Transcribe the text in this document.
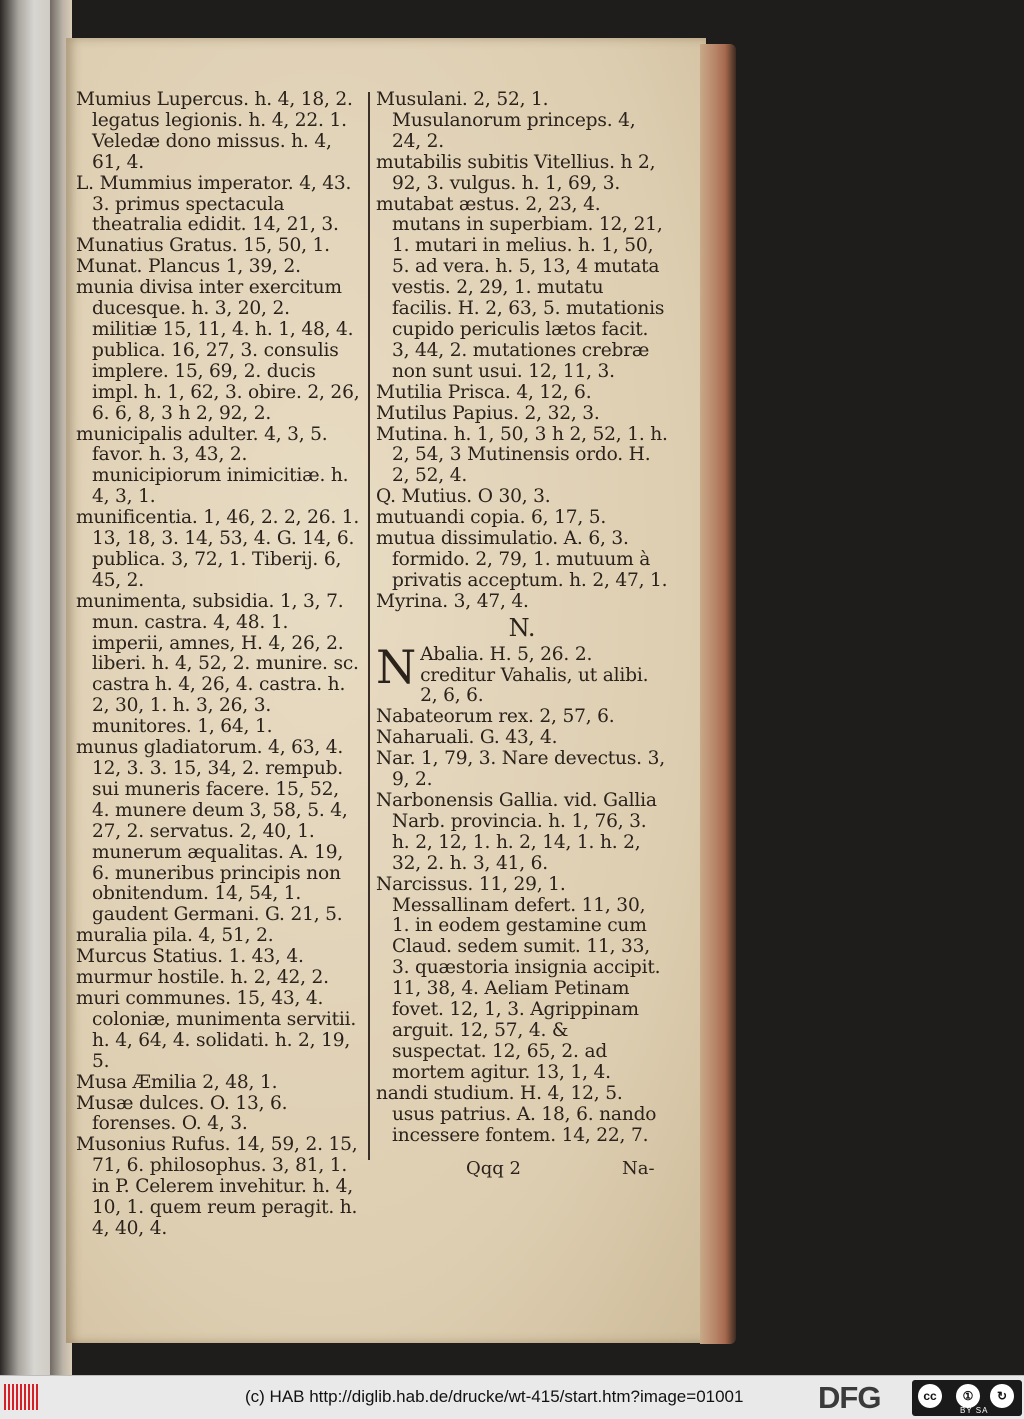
Mumius Lupercus. h. 4, 18, 2. legatus legionis. h. 4, 22. 1. Veledæ dono missus. h. 4, 61, 4.
L. Mummius imperator. 4, 43. 3. primus spectacula theatralia edidit. 14, 21, 3.
Munatius Gratus. 15, 50, 1.
Munat. Plancus 1, 39, 2.
munia divisa inter exercitum ducesque. h. 3, 20, 2. militiæ 15, 11, 4. h. 1, 48, 4. publica. 16, 27, 3. consulis implere. 15, 69, 2. ducis impl. h. 1, 62, 3. obire. 2, 26, 6. 6, 8, 3 h 2, 92, 2.
municipalis adulter. 4, 3, 5. favor. h. 3, 43, 2. municipiorum inimicitiæ. h. 4, 3, 1.
munificentia. 1, 46, 2. 2, 26. 1. 13, 18, 3. 14, 53, 4. G. 14, 6. publica. 3, 72, 1. Tiberij. 6, 45, 2.
munimenta, subsidia. 1, 3, 7. mun. castra. 4, 48. 1. imperii, amnes, H. 4, 26, 2. liberi. h. 4, 52, 2. munire. sc. castra h. 4, 26, 4. castra. h. 2, 30, 1. h. 3, 26, 3. munitores. 1, 64, 1.
munus gladiatorum. 4, 63, 4. 12, 3. 3. 15, 34, 2. rempub. sui muneris facere. 15, 52, 4. munere deum 3, 58, 5. 4, 27, 2. servatus. 2, 40, 1. munerum æqualitas. A. 19, 6. muneribus principis non obnitendum. 14, 54, 1. gaudent Germani. G. 21, 5.
muralia pila. 4, 51, 2.
Murcus Statius. 1. 43, 4.
murmur hostile. h. 2, 42, 2.
muri communes. 15, 43, 4. coloniæ, munimenta servitii. h. 4, 64, 4. solidati. h. 2, 19, 5.
Musa Æmilia 2, 48, 1.
Musæ dulces. O. 13, 6. forenses. O. 4, 3.
Musonius Rufus. 14, 59, 2. 15, 71, 6. philosophus. 3, 81, 1. in P. Celerem invehitur. h. 4, 10, 1. quem reum peragit. h. 4, 40, 4.
Musulani. 2, 52, 1. Musulanorum princeps. 4, 24, 2.
mutabilis subitis Vitellius. h 2, 92, 3. vulgus. h. 1, 69, 3.
mutabat æstus. 2, 23, 4. mutans in superbiam. 12, 21, 1. mutari in melius. h. 1, 50, 5. ad vera. h. 5, 13, 4 mutata vestis. 2, 29, 1. mutatu facilis. H. 2, 63, 5. mutationis cupido periculis lætos facit. 3, 44, 2. mutationes crebræ non sunt usui. 12, 11, 3.
Mutilia Prisca. 4, 12, 6.
Mutilus Papius. 2, 32, 3.
Mutina. h. 1, 50, 3 h 2, 52, 1. h. 2, 54, 3 Mutinensis ordo. H. 2, 52, 4.
Q. Mutius. O 30, 3.
mutuandi copia. 6, 17, 5.
mutua dissimulatio. A. 6, 3. formido. 2, 79, 1. mutuum à privatis acceptum. h. 2, 47, 1.
Myrina. 3, 47, 4.
N.
N Abalia. H. 5, 26. 2. creditur Vahalis, ut alibi. 2, 6, 6.
Nabateorum rex. 2, 57, 6.
Naharuali. G. 43, 4.
Nar. 1, 79, 3. Nare devectus. 3, 9, 2.
Narbonensis Gallia. vid. Gallia Narb. provincia. h. 1, 76, 3. h. 2, 12, 1. h. 2, 14, 1. h. 2, 32, 2. h. 3, 41, 6.
Narcissus. 11, 29, 1. Messallinam defert. 11, 30, 1. in eodem gestamine cum Claud. sedem sumit. 11, 33, 3. quæstoria insignia accipit. 11, 38, 4. Aeliam Petinam fovet. 12, 1, 3. Agrippinam arguit. 12, 57, 4. & suspectat. 12, 65, 2. ad mortem agitur. 13, 1, 4.
nandi studium. H. 4, 12, 5. usus patrius. A. 18, 6. nando incessere fontem. 14, 22, 7.
Qqq 2	Na-
(c) HAB http://diglib.hab.de/drucke/wt-415/start.htm?image=01001 DFG	cc	①	↻
BY SA
